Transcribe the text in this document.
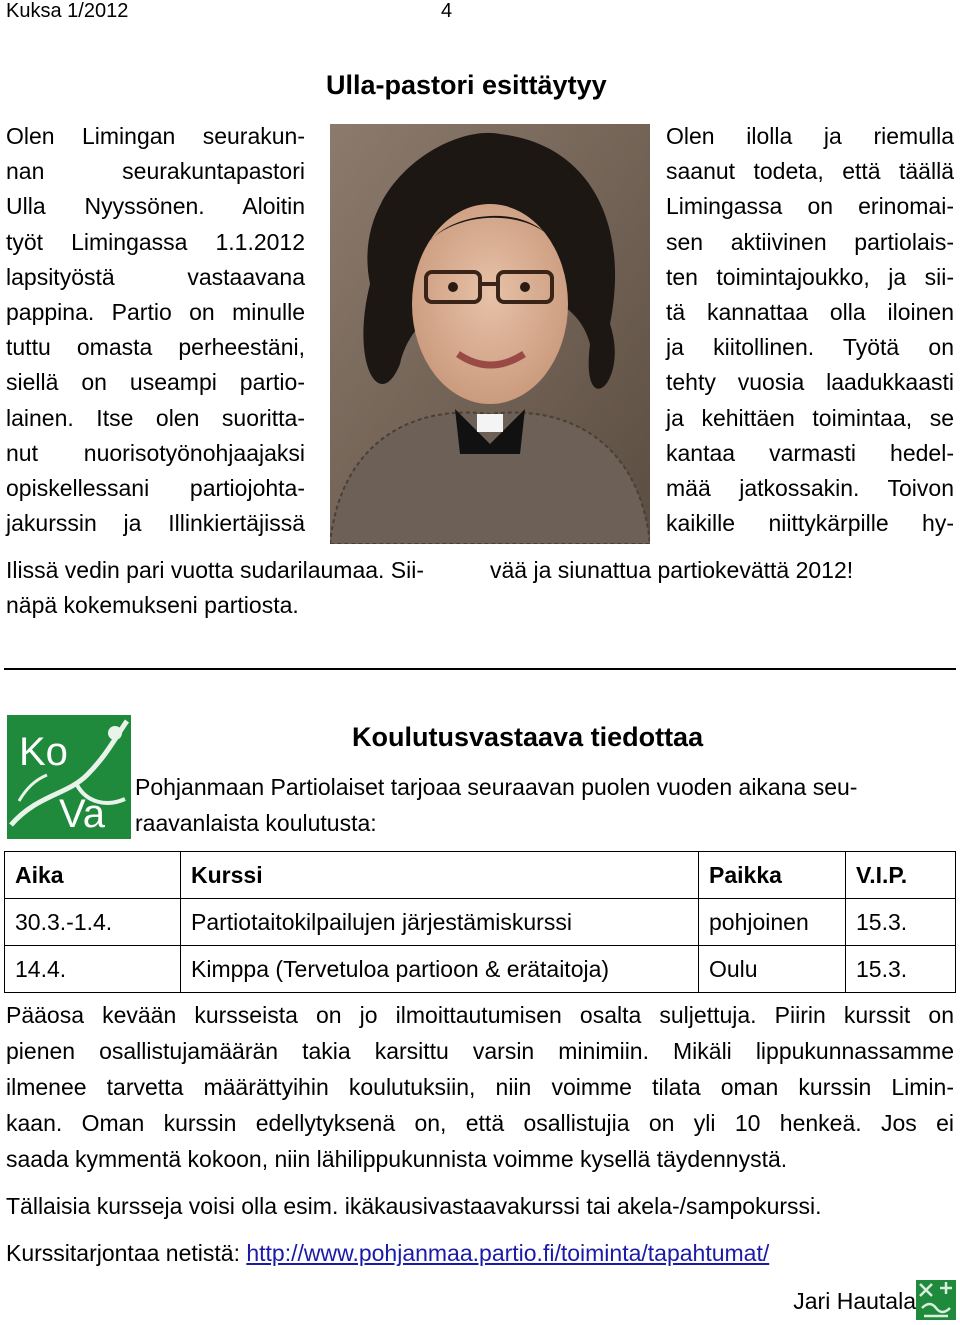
Kuksa 1/2012	4
Ulla-pastori esittäytyy
Olen Limingan seurakun-
nan seurakuntapastori
Ulla Nyyssönen. Aloitin
työt Limingassa 1.1.2012
lapsityöstä vastaavana
pappina. Partio on minulle
tuttu omasta perheestäni,
siellä on useampi partio-
lainen. Itse olen suoritta-
nut nuorisotyönohjaajaksi
opiskellessani partiojohta-
jakurssin ja Illinkiertäjissä
Olen ilolla ja riemulla
saanut todeta, että täällä
Limingassa on erinomai-
sen aktiivinen partiolais-
ten toimintajoukko, ja sii-
tä kannattaa olla iloinen
ja kiitollinen. Työtä on
tehty vuosia laadukkaasti
ja kehittäen toimintaa, se
kantaa varmasti hedel-
mää jatkossakin. Toivon
kaikille niittykärpille hy-
Ilissä vedin pari vuotta sudarilaumaa. Sii-	vää ja siunattua partiokevättä 2012!
näpä kokemukseni partiosta.
Ko
Va
Koulutusvastaava tiedottaa
Pohjanmaan Partiolaiset tarjoaa seuraavan puolen vuoden aikana seu-
raavanlaista koulutusta:
Aika	Kurssi	Paikka	V.I.P.
30.3.-1.4.	Partiotaitokilpailujen järjestämiskurssi	pohjoinen	15.3.
14.4.	Kimppa (Tervetuloa partioon & erätaitoja)	Oulu	15.3.
Pääosa kevään kursseista on jo ilmoittautumisen osalta suljettuja. Piirin kurssit on
pienen osallistujamäärän takia karsittu varsin minimiin. Mikäli lippukunnassamme
ilmenee tarvetta määrättyihin koulutuksiin, niin voimme tilata oman kurssin Limin-
kaan. Oman kurssin edellytyksenä on, että osallistujia on yli 10 henkeä. Jos ei
saada kymmentä kokoon, niin lähilippukunnista voimme kysellä täydennystä.
Tällaisia kursseja voisi olla esim. ikäkausivastaavakurssi tai akela-/sampokurssi.
Kurssitarjontaa netistä: http://www.pohjanmaa.partio.fi/toiminta/tapahtumat/
Jari Hautala
